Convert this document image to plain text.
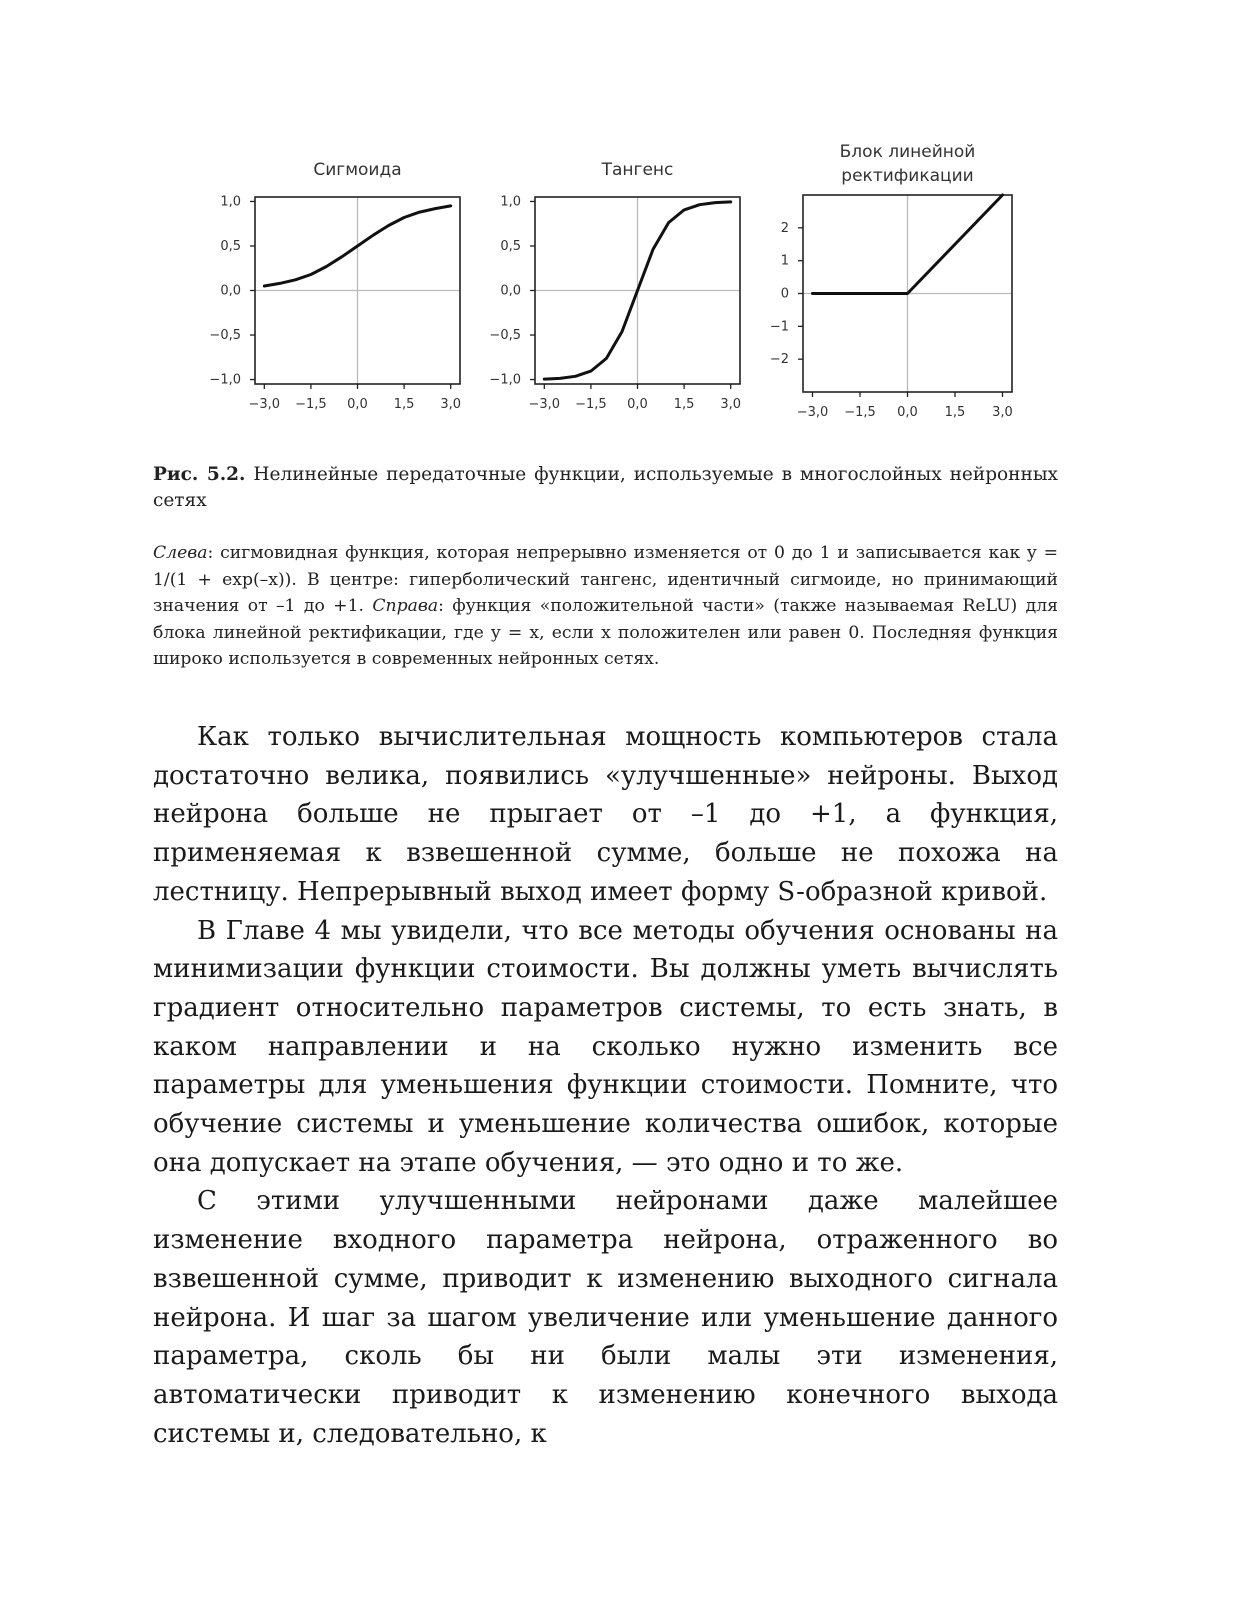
Сигмоида
−3,0 −1,5 0,0 1,5 3,0
1,0
0,5
0,0
−0,5
−1,0
Тангенс
−3,0 −1,5 0,0 1,5 3,0
1,0
0,5
0,0
−0,5
−1,0
Блок линейной
ректификации
−3,0 −1,5 0,0 1,5 3,0
2
1
0
−1
−2
Рис. 5.2. Нелинейные передаточные функции, используемые в многослойных нейронных сетях
Слева: сигмовидная функция, которая непрерывно изменяется от 0 до 1 и записывается как y = 1/(1 + exp(–x)). В центре: гиперболический тангенс, идентичный сигмоиде, но принимающий значения от –1 до +1. Справа: функция «положительной части» (также называемая ReLU) для блока линейной ректификации, где y = x, если x положителен или равен 0. Последняя функция широко используется в современных нейронных сетях.

Как только вычислительная мощность компьютеров стала достаточно велика, появились «улучшенные» нейроны. Выход нейрона больше не прыгает от –1 до +1, а функция, применяемая к взвешенной сумме, больше не похожа на лестницу. Непрерывный выход имеет форму S-образной кривой.

В Главе 4 мы увидели, что все методы обучения основаны на минимизации функции стоимости. Вы должны уметь вычислять градиент относительно параметров системы, то есть знать, в каком направлении и на сколько нужно изменить все параметры для уменьшения функции стоимости. Помните, что обучение системы и уменьшение количества ошибок, которые она допускает на этапе обучения, — это одно и то же.

С этими улучшенными нейронами даже малейшее изменение входного параметра нейрона, отраженного во взвешенной сумме, приводит к изменению выходного сигнала нейрона. И шаг за шагом увеличение или уменьшение данного параметра, сколь бы ни были малы эти изменения, автоматически приводит к изменению конечного выхода системы и, следовательно, к
